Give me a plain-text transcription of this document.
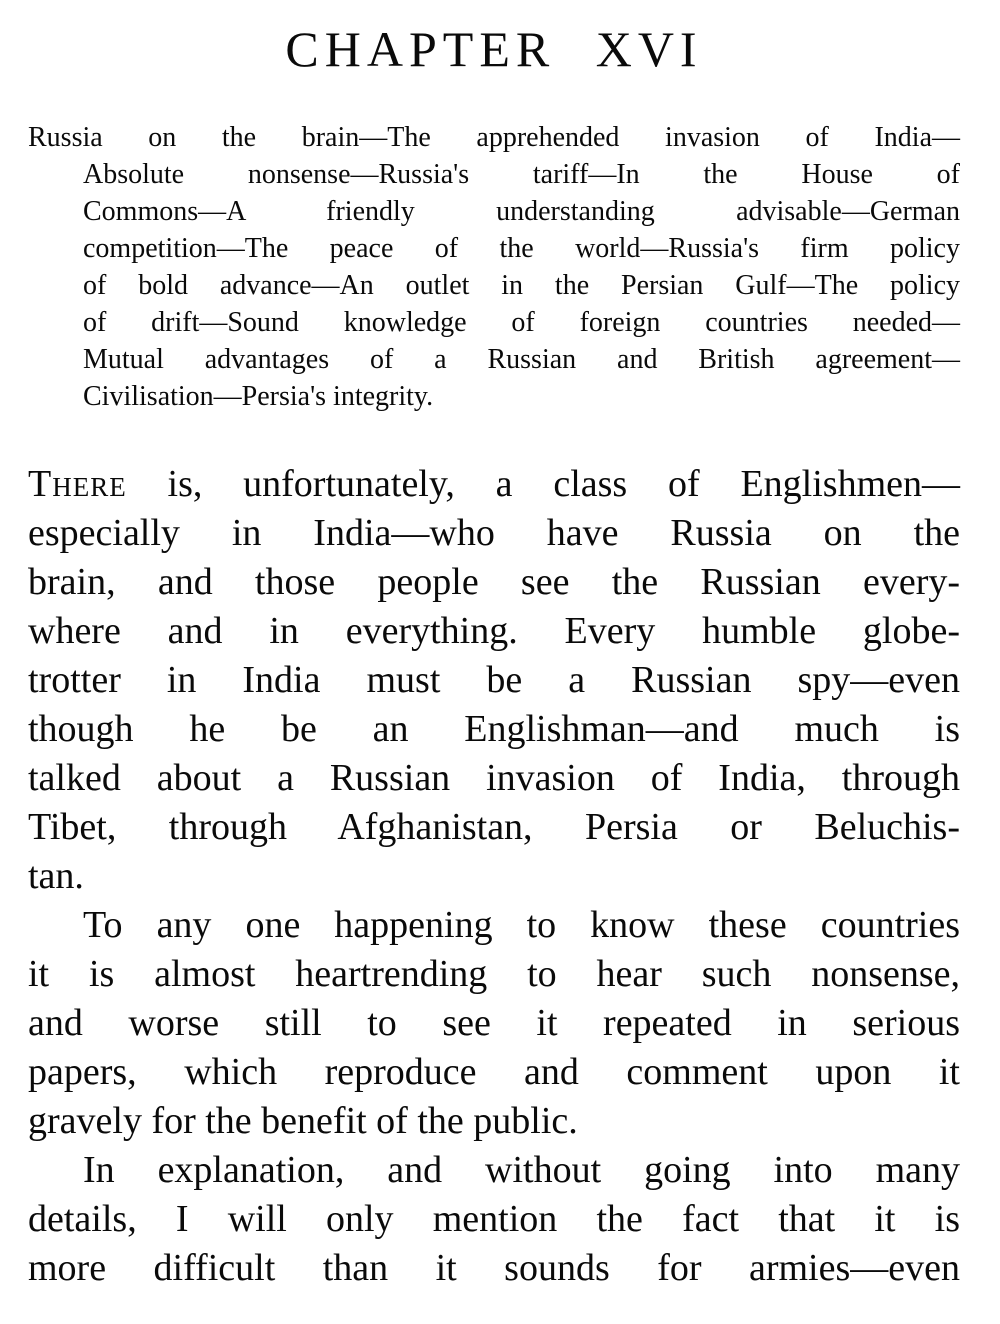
CHAPTER XVI
Russia on the brain—The apprehended invasion of India—
Absolute nonsense—Russia's tariff—In the House of
Commons—A friendly understanding advisable—German
competition—The peace of the world—Russia's firm policy
of bold advance—An outlet in the Persian Gulf—The policy
of drift—Sound knowledge of foreign countries needed—
Mutual advantages of a Russian and British agreement—
Civilisation—Persia's integrity.
There is, unfortunately, a class of Englishmen—
especially in India—who have Russia on the
brain, and those people see the Russian every-
where and in everything. Every humble globe-
trotter in India must be a Russian spy—even
though he be an Englishman—and much is
talked about a Russian invasion of India, through
Tibet, through Afghanistan, Persia or Beluchis-
tan.
To any one happening to know these countries
it is almost heartrending to hear such nonsense,
and worse still to see it repeated in serious
papers, which reproduce and comment upon it
gravely for the benefit of the public.
In explanation, and without going into many
details, I will only mention the fact that it is
more difficult than it sounds for armies—even
